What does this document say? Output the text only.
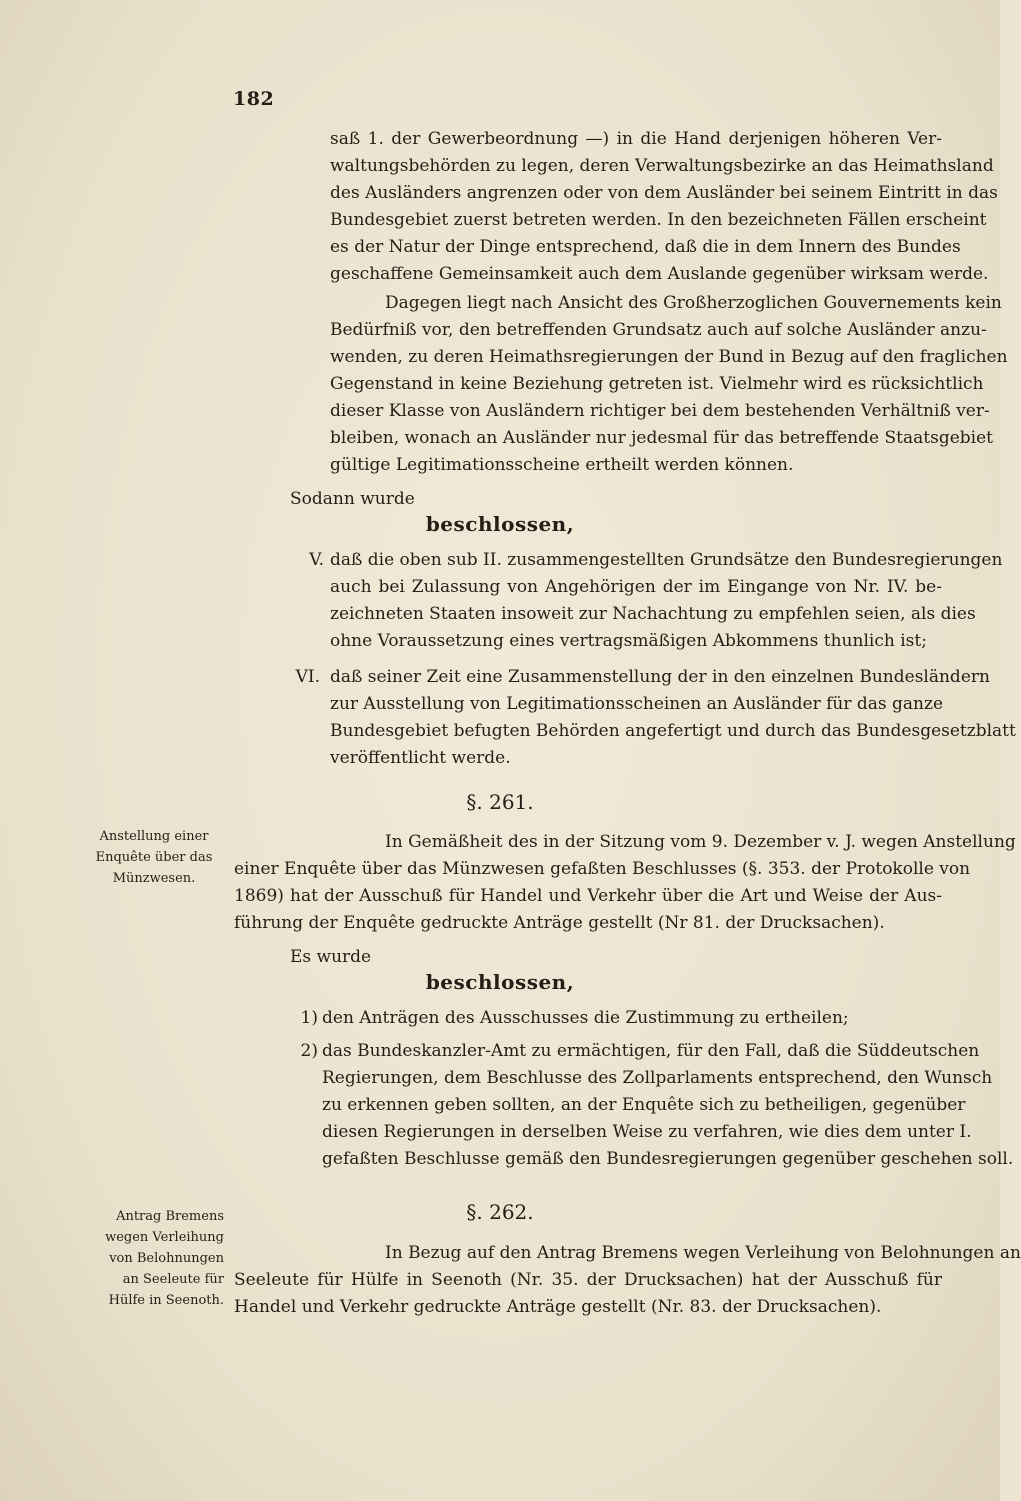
182
saß 1. der Gewerbeordnung —) in die Hand derjenigen höheren Ver-
waltungsbehörden zu legen, deren Verwaltungsbezirke an das Heimathsland
des Ausländers angrenzen oder von dem Ausländer bei seinem Eintritt in das
Bundesgebiet zuerst betreten werden. In den bezeichneten Fällen erscheint
es der Natur der Dinge entsprechend, daß die in dem Innern des Bundes
geschaffene Gemeinsamkeit auch dem Auslande gegenüber wirksam werde.
Dagegen liegt nach Ansicht des Großherzoglichen Gouvernements kein
Bedürfniß vor, den betreffenden Grundsatz auch auf solche Ausländer anzu-
wenden, zu deren Heimathsregierungen der Bund in Bezug auf den fraglichen
Gegenstand in keine Beziehung getreten ist. Vielmehr wird es rücksichtlich
dieser Klasse von Ausländern richtiger bei dem bestehenden Verhältniß ver-
bleiben, wonach an Ausländer nur jedesmal für das betreffende Staatsgebiet
gültige Legitimationsscheine ertheilt werden können.
Sodann wurde
beschlossen,
V. daß die oben sub II. zusammengestellten Grundsätze den Bundesregierungen
auch bei Zulassung von Angehörigen der im Eingange von Nr. IV. be-
zeichneten Staaten insoweit zur Nachachtung zu empfehlen seien, als dies
ohne Voraussetzung eines vertragsmäßigen Abkommens thunlich ist;
VI. daß seiner Zeit eine Zusammenstellung der in den einzelnen Bundesländern
zur Ausstellung von Legitimationsscheinen an Ausländer für das ganze
Bundesgebiet befugten Behörden angefertigt und durch das Bundesgesetzblatt
veröffentlicht werde.
§. 261.
Anstellung einer
Enquête über das
Münzwesen.
In Gemäßheit des in der Sitzung vom 9. Dezember v. J. wegen Anstellung
einer Enquête über das Münzwesen gefaßten Beschlusses (§. 353. der Protokolle von
1869) hat der Ausschuß für Handel und Verkehr über die Art und Weise der Aus-
führung der Enquête gedruckte Anträge gestellt (Nr 81. der Drucksachen).
Es wurde
beschlossen,
1) den Anträgen des Ausschusses die Zustimmung zu ertheilen;
2) das Bundeskanzler-Amt zu ermächtigen, für den Fall, daß die Süddeutschen
Regierungen, dem Beschlusse des Zollparlaments entsprechend, den Wunsch
zu erkennen geben sollten, an der Enquête sich zu betheiligen, gegenüber
diesen Regierungen in derselben Weise zu verfahren, wie dies dem unter I.
gefaßten Beschlusse gemäß den Bundesregierungen gegenüber geschehen soll.
§. 262.
Antrag Bremens
wegen Verleihung
von Belohnungen
an Seeleute für
Hülfe in Seenoth.
In Bezug auf den Antrag Bremens wegen Verleihung von Belohnungen an
Seeleute für Hülfe in Seenoth (Nr. 35. der Drucksachen) hat der Ausschuß für
Handel und Verkehr gedruckte Anträge gestellt (Nr. 83. der Drucksachen).
